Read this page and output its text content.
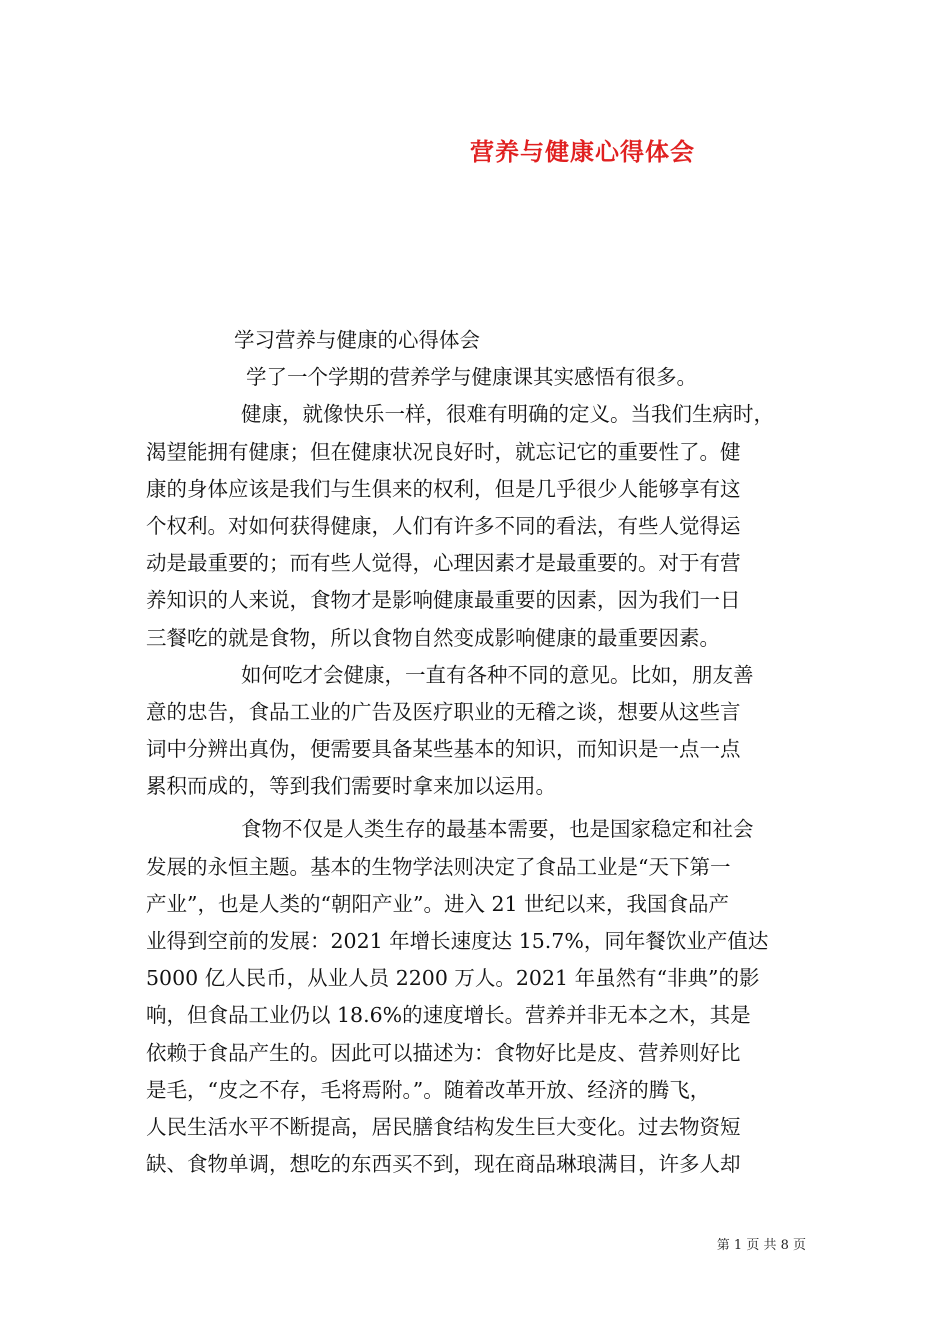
营养与健康心得体会
学习营养与健康的心得体会
学了一个学期的营养学与健康课其实感悟有很多。
健康，就像快乐一样，很难有明确的定义。当我们生病时，
渴望能拥有健康；但在健康状况良好时，就忘记它的重要性了。健
康的身体应该是我们与生俱来的权利，但是几乎很少人能够享有这
个权利。对如何获得健康，人们有许多不同的看法，有些人觉得运
动是最重要的；而有些人觉得，心理因素才是最重要的。对于有营
养知识的人来说，食物才是影响健康最重要的因素，因为我们一日
三餐吃的就是食物，所以食物自然变成影响健康的最重要因素。
如何吃才会健康，一直有各种不同的意见。比如，朋友善
意的忠告，食品工业的广告及医疗职业的无稽之谈，想要从这些言
词中分辨出真伪，便需要具备某些基本的知识，而知识是一点一点
累积而成的，等到我们需要时拿来加以运用。
食物不仅是人类生存的最基本需要，也是国家稳定和社会
发展的永恒主题。基本的生物学法则决定了食品工业是“天下第一
产业”，也是人类的“朝阳产业”。进入 21 世纪以来，我国食品产
业得到空前的发展：2021 年增长速度达 15.7%，同年餐饮业产值达
5000 亿人民币，从业人员 2200 万人。2021 年虽然有“非典”的影
响，但食品工业仍以 18.6%的速度增长。营养并非无本之木，其是
依赖于食品产生的。因此可以描述为：食物好比是皮、营养则好比
是毛，“皮之不存，毛将焉附。”。随着改革开放、经济的腾飞，
人民生活水平不断提高，居民膳食结构发生巨大变化。过去物资短
缺、食物单调，想吃的东西买不到，现在商品琳琅满目，许多人却
第 1 页 共 8 页
